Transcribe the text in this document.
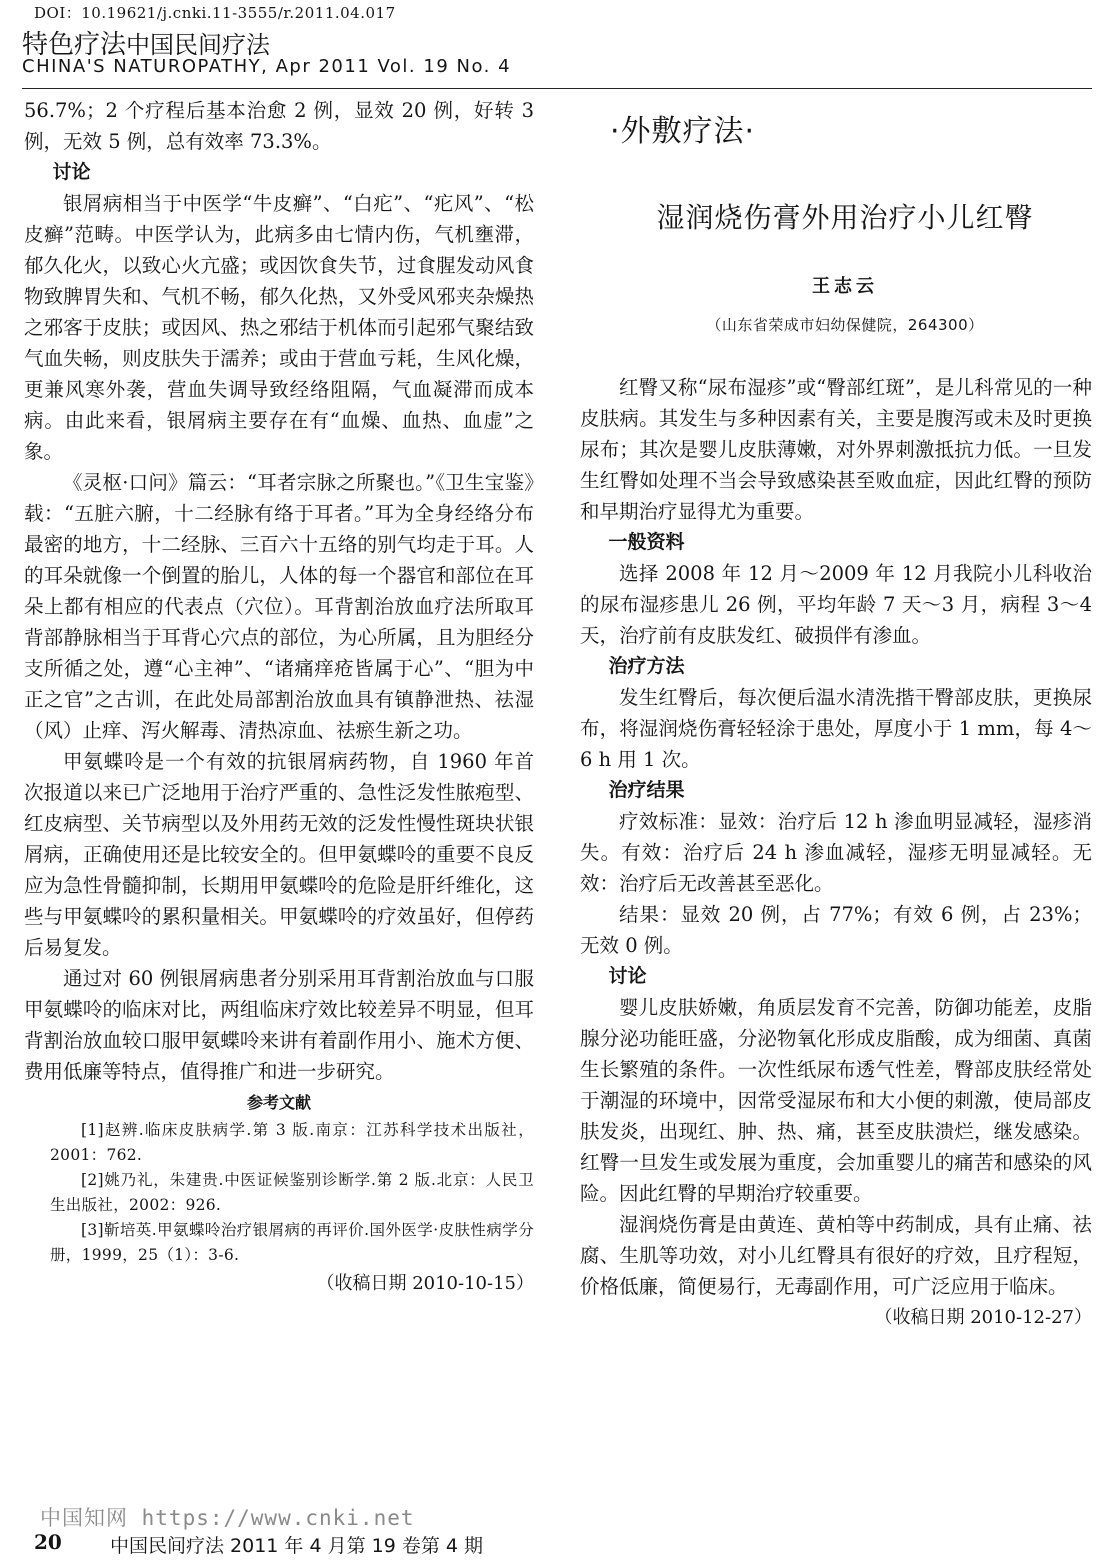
DOI：10.19621/j.cnki.11-3555/r.2011.04.017
特色疗法中国民间疗法
CHINA'S NATUROPATHY, Apr 2011 Vol. 19 No. 4

56.7%；2 个疗程后基本治愈 2 例，显效 20 例，好转 3 例，无效 5 例，总有效率 73.3%。

讨论

银屑病相当于中医学“牛皮癣”、“白疕”、“疕风”、“松皮癣”范畴。中医学认为，此病多由七情内伤，气机壅滞，郁久化火，以致心火亢盛；或因饮食失节，过食腥发动风食物致脾胃失和、气机不畅，郁久化热，又外受风邪夹杂燥热之邪客于皮肤；或因风、热之邪结于机体而引起邪气聚结致气血失畅，则皮肤失于濡养；或由于营血亏耗，生风化燥，更兼风寒外袭，营血失调导致经络阻隔，气血凝滞而成本病。由此来看，银屑病主要存在有“血燥、血热、血虚”之象。

《灵枢·口问》篇云：“耳者宗脉之所聚也。”《卫生宝鉴》载：“五脏六腑，十二经脉有络于耳者。”耳为全身经络分布最密的地方，十二经脉、三百六十五络的别气均走于耳。人的耳朵就像一个倒置的胎儿，人体的每一个器官和部位在耳朵上都有相应的代表点（穴位）。耳背割治放血疗法所取耳背部静脉相当于耳背心穴点的部位，为心所属，且为胆经分支所循之处，遵“心主神”、“诸痛痒疮皆属于心”、“胆为中正之官”之古训，在此处局部割治放血具有镇静泄热、祛湿（风）止痒、泻火解毒、清热凉血、祛瘀生新之功。

甲氨蝶呤是一个有效的抗银屑病药物，自 1960 年首次报道以来已广泛地用于治疗严重的、急性泛发性脓疱型、红皮病型、关节病型以及外用药无效的泛发性慢性斑块状银屑病，正确使用还是比较安全的。但甲氨蝶呤的重要不良反应为急性骨髓抑制，长期用甲氨蝶呤的危险是肝纤维化，这些与甲氨蝶呤的累积量相关。甲氨蝶呤的疗效虽好，但停药后易复发。

通过对 60 例银屑病患者分别采用耳背割治放血与口服甲氨蝶呤的临床对比，两组临床疗效比较差异不明显，但耳背割治放血较口服甲氨蝶呤来讲有着副作用小、施术方便、费用低廉等特点，值得推广和进一步研究。

参考文献

[1]赵辨.临床皮肤病学.第 3 版.南京：江苏科学技术出版社，2001：762.

[2]姚乃礼，朱建贵.中医证候鉴别诊断学.第 2 版.北京：人民卫生出版社，2002：926.

[3]靳培英.甲氨蝶呤治疗银屑病的再评价.国外医学·皮肤性病学分册，1999，25（1）：3-6.

（收稿日期 2010-10-15）

·外敷疗法·
湿润烧伤膏外用治疗小儿红臀
王志云
（山东省荣成市妇幼保健院，264300）

红臀又称“尿布湿疹”或“臀部红斑”，是儿科常见的一种皮肤病。其发生与多种因素有关，主要是腹泻或未及时更换尿布；其次是婴儿皮肤薄嫩，对外界刺激抵抗力低。一旦发生红臀如处理不当会导致感染甚至败血症，因此红臀的预防和早期治疗显得尤为重要。

一般资料

选择 2008 年 12 月～2009 年 12 月我院小儿科收治的尿布湿疹患儿 26 例，平均年龄 7 天～3 月，病程 3～4天，治疗前有皮肤发红、破损伴有渗血。

治疗方法

发生红臀后，每次便后温水清洗揩干臀部皮肤，更换尿布，将湿润烧伤膏轻轻涂于患处，厚度小于 1 mm，每 4～6 h 用 1 次。

治疗结果

疗效标准：显效：治疗后 12 h 渗血明显减轻，湿疹消失。有效：治疗后 24 h 渗血减轻，湿疹无明显减轻。无效：治疗后无改善甚至恶化。

结果：显效 20 例，占 77%；有效 6 例，占 23%；无效 0 例。

讨论

婴儿皮肤娇嫩，角质层发育不完善，防御功能差，皮脂腺分泌功能旺盛，分泌物氧化形成皮脂酸，成为细菌、真菌生长繁殖的条件。一次性纸尿布透气性差，臀部皮肤经常处于潮湿的环境中，因常受湿尿布和大小便的刺激，使局部皮肤发炎，出现红、肿、热、痛，甚至皮肤溃烂，继发感染。红臀一旦发生或发展为重度，会加重婴儿的痛苦和感染的风险。因此红臀的早期治疗较重要。

湿润烧伤膏是由黄连、黄柏等中药制成，具有止痛、祛腐、生肌等功效，对小儿红臀具有很好的疗效，且疗程短，价格低廉，简便易行，无毒副作用，可广泛应用于临床。

（收稿日期 2010-12-27）

中国知网 https://www.cnki.net
20	中国民间疗法 2011 年 4 月第 19 卷第 4 期
